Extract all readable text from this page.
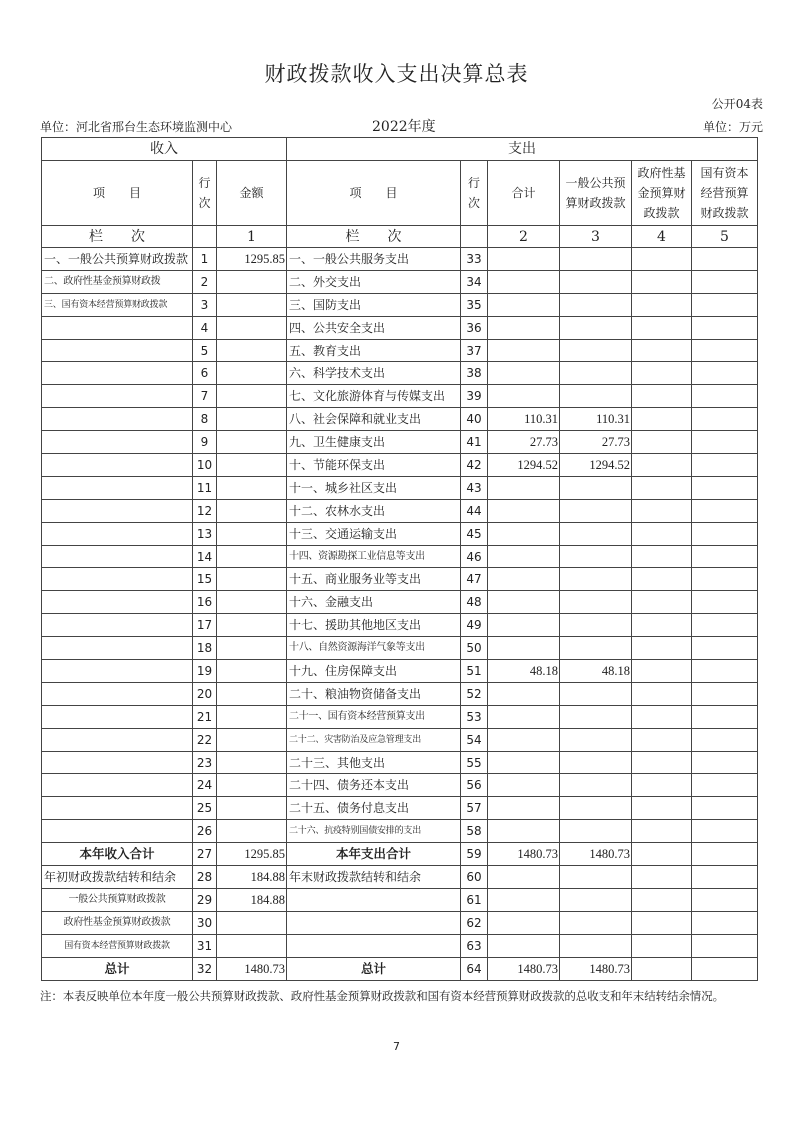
财政拨款收入支出决算总表
公开04表
单位：河北省邢台生态环境监测中心	2022年度	单位：万元
收入			支出					
项　　目	行次	金额	项　　目	行次	合计	一般公共预算财政拨款	政府性基金预算财政拨款	国有资本经营预算财政拨款
栏　　次		1	栏　　次		2	3	4	5
一、一般公共预算财政拨款	1	1295.85	一、一般公共服务支出	33				
二、政府性基金预算财政拨	2		二、外交支出	34				
三、国有资本经营预算财政拨款	3		三、国防支出	35				
	4		四、公共安全支出	36				
	5		五、教育支出	37				
	6		六、科学技术支出	38				
	7		七、文化旅游体育与传媒支出	39				
	8		八、社会保障和就业支出	40	110.31	110.31		
	9		九、卫生健康支出	41	27.73	27.73		
	10		十、节能环保支出	42	1294.52	1294.52		
	11		十一、城乡社区支出	43				
	12		十二、农林水支出	44				
	13		十三、交通运输支出	45				
	14		十四、资源勘探工业信息等支出	46				
	15		十五、商业服务业等支出	47				
	16		十六、金融支出	48				
	17		十七、援助其他地区支出	49				
	18		十八、自然资源海洋气象等支出	50				
	19		十九、住房保障支出	51	48.18	48.18		
	20		二十、粮油物资储备支出	52				
	21		二十一、国有资本经营预算支出	53				
	22		二十二、灾害防治及应急管理支出	54				
	23		二十三、其他支出	55				
	24		二十四、债务还本支出	56				
	25		二十五、债务付息支出	57				
	26		二十六、抗疫特别国债安排的支出	58				
本年收入合计	27	1295.85	本年支出合计	59	1480.73	1480.73		
年初财政拨款结转和结余	28	184.88	年末财政拨款结转和结余	60				
一般公共预算财政拨款	29	184.88		61				
政府性基金预算财政拨款	30			62				
国有资本经营预算财政拨款	31			63				
总计	32	1480.73	总计	64	1480.73	1480.73		
注：本表反映单位本年度一般公共预算财政拨款、政府性基金预算财政拨款和国有资本经营预算财政拨款的总收支和年末结转结余情况。
7
